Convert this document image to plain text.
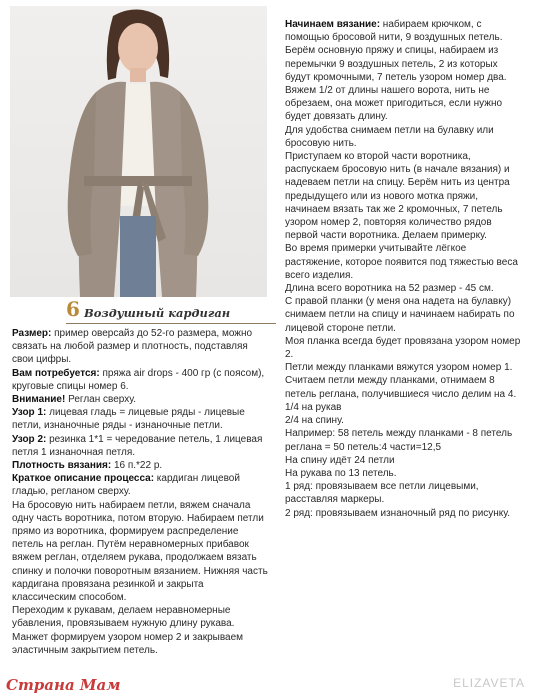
6 Воздушный кардиган

Размер: пример оверсайз до 52-го размера, можно связать на любой размер и плотность, подставляя свои цифры.

Вам потребуется: пряжа air drops - 400 гр (с поясом), круговые спицы номер 6.

Внимание! Реглан сверху.

Узор 1: лицевая гладь = лицевые ряды - лицевые петли, изнаночные ряды - изнаночные петли.

Узор 2: резинка 1*1 = чередование петель, 1 лицевая петля 1 изнаночная петля.

Плотность вязания: 16 п.*22 р.

Краткое описание процесса: кардиган лицевой гладью, регланом сверху.

На бросовую нить набираем петли, вяжем сначала одну часть воротника, потом вторую. Набираем петли прямо из воротника, формируем распределение петель на реглан. Путём неравномерных прибавок вяжем реглан, отделяем рукава, продолжаем вязать спинку и полочки поворотным вязанием. Нижняя часть кардигана провязана резинкой и закрыта классическим способом.

Переходим к рукавам, делаем неравномерные убавления, провязываем нужную длину рукава. Манжет формируем узором номер 2 и закрываем эластичным закрытием петель.

Начинаем вязание: набираем крючком, с помощью бросовой нити, 9 воздушных петель. Берём основную пряжу и спицы, набираем из перемычки 9 воздушных петель, 2 из которых будут кромочными, 7 петель узором номер два. Вяжем 1/2 от длины нашего ворота, нить не обрезаем, она может пригодиться, если нужно будет довязать длину.

Для удобства снимаем петли на булавку или бросовую нить.

Приступаем ко второй части воротника, распускаем бросовую нить (в начале вязания) и надеваем петли на спицу. Берём нить из центра предыдущего или из нового мотка пряжи, начинаем вязать так же 2 кромочных, 7 петель узором номер 2, повторяя количество рядов первой части воротника. Делаем примерку.

Во время примерки учитывайте лёгкое растяжение, которое появится под тяжестью веса всего изделия.

Длина всего воротника на 52 размер - 45 см.

С правой планки (у меня она надета на булавку) снимаем петли на спицу и начинаем набирать по лицевой стороне петли.

Моя планка всегда будет провязана узором номер 2.

Петли между планками вяжутся узором номер 1. Считаем петли между планками, отнимаем 8 петель реглана, получившиеся число делим на 4.

1/4 на рукав

2/4 на спину.

Например: 58 петель между планками - 8 петель реглана = 50 петель:4 части=12,5

На спину идёт 24 петли

На рукава по 13 петель.

1 ряд: провязываем все петли лицевыми, расставляя маркеры.

2 ряд: провязываем изнаночный ряд по рисунку.

Страна Мам	ELIZAVETA
